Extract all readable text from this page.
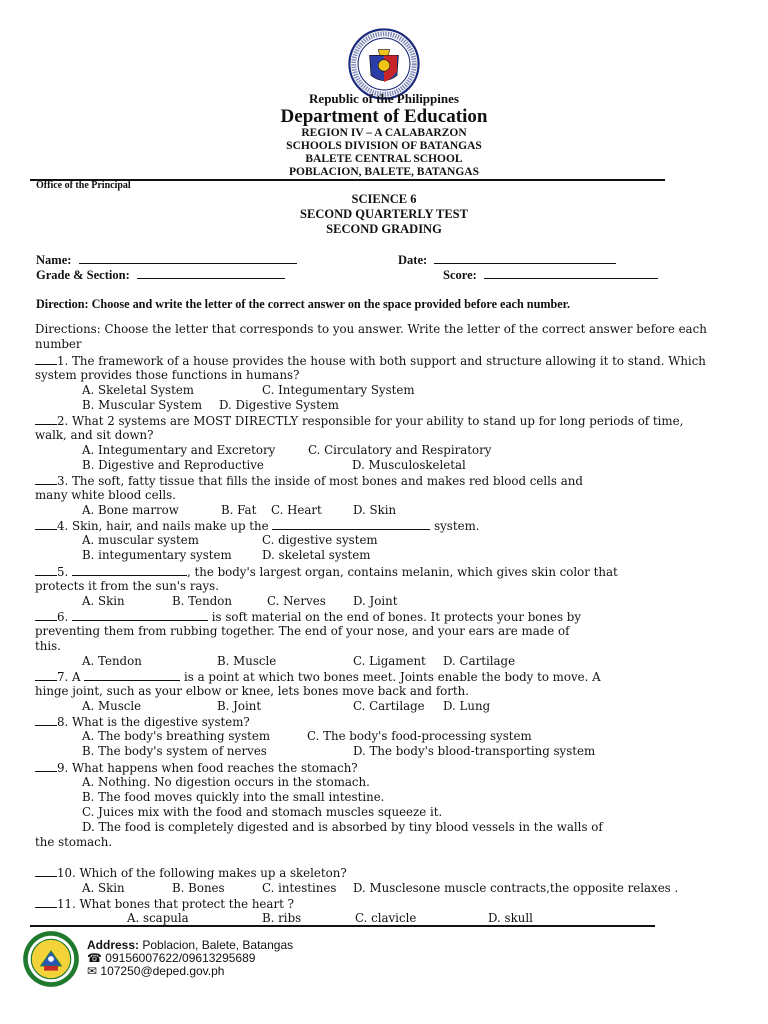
Republic of the Philippines
Department of Education
REGION IV – A CALABARZON
SCHOOLS DIVISION OF BATANGAS
BALETE CENTRAL SCHOOL
POBLACION, BALETE, BATANGAS
Office of the Principal
SCIENCE 6
SECOND QUARTERLY TEST
SECOND GRADING
Name:	Date:
Grade & Section:	Score:
Direction: Choose and write the letter of the correct answer on the space provided before each number.
Directions: Choose the letter that corresponds to you answer. Write the letter of the correct answer before each
number
1. The framework of a house provides the house with both support and structure allowing it to stand. Which
system provides those functions in humans?
A. Skeletal System	C. Integumentary System
B. Muscular System D. Digestive System
2. What 2 systems are MOST DIRECTLY responsible for your ability to stand up for long periods of time,
walk, and sit down?
A. Integumentary and Excretory	C. Circulatory and Respiratory
B. Digestive and Reproductive	D. Musculoskeletal
3. The soft, fatty tissue that fills the inside of most bones and makes red blood cells and
many white blood cells.
A. Bone marrow	B. Fat C. Heart	D. Skin
4. Skin, hair, and nails make up the	system.
A. muscular system	C. digestive system
B. integumentary system	D. skeletal system
5.	, the body's largest organ, contains melanin, which gives skin color that
protects it from the sun's rays.
A. Skin	B. Tendon	C. Nerves D. Joint
6.	is soft material on the end of bones. It protects your bones by
preventing them from rubbing together. The end of your nose, and your ears are made of
this.
A. Tendon	B. Muscle	C. Ligament D. Cartilage
7. A	is a point at which two bones meet. Joints enable the body to move. A
hinge joint, such as your elbow or knee, lets bones move back and forth.
A. Muscle	B. Joint	C. Cartilage D. Lung
8. What is the digestive system?
A. The body's breathing system	C. The body's food-processing system
B. The body's system of nerves	D. The body's blood-transporting system
9. What happens when food reaches the stomach?
A. Nothing. No digestion occurs in the stomach.
B. The food moves quickly into the small intestine.
C. Juices mix with the food and stomach muscles squeeze it.
D. The food is completely digested and is absorbed by tiny blood vessels in the walls of
the stomach.
10. Which of the following makes up a skeleton?
A. Skin	B. Bones	C. intestines D. Musclesone muscle contracts,the opposite relaxes .
11. What bones that protect the heart ?
A. scapula	B. ribs	C. clavicle	D. skull
Address: Poblacion, Balete, Batangas
☎ 09156007622/09613295689
✉ 107250@deped.gov.ph
